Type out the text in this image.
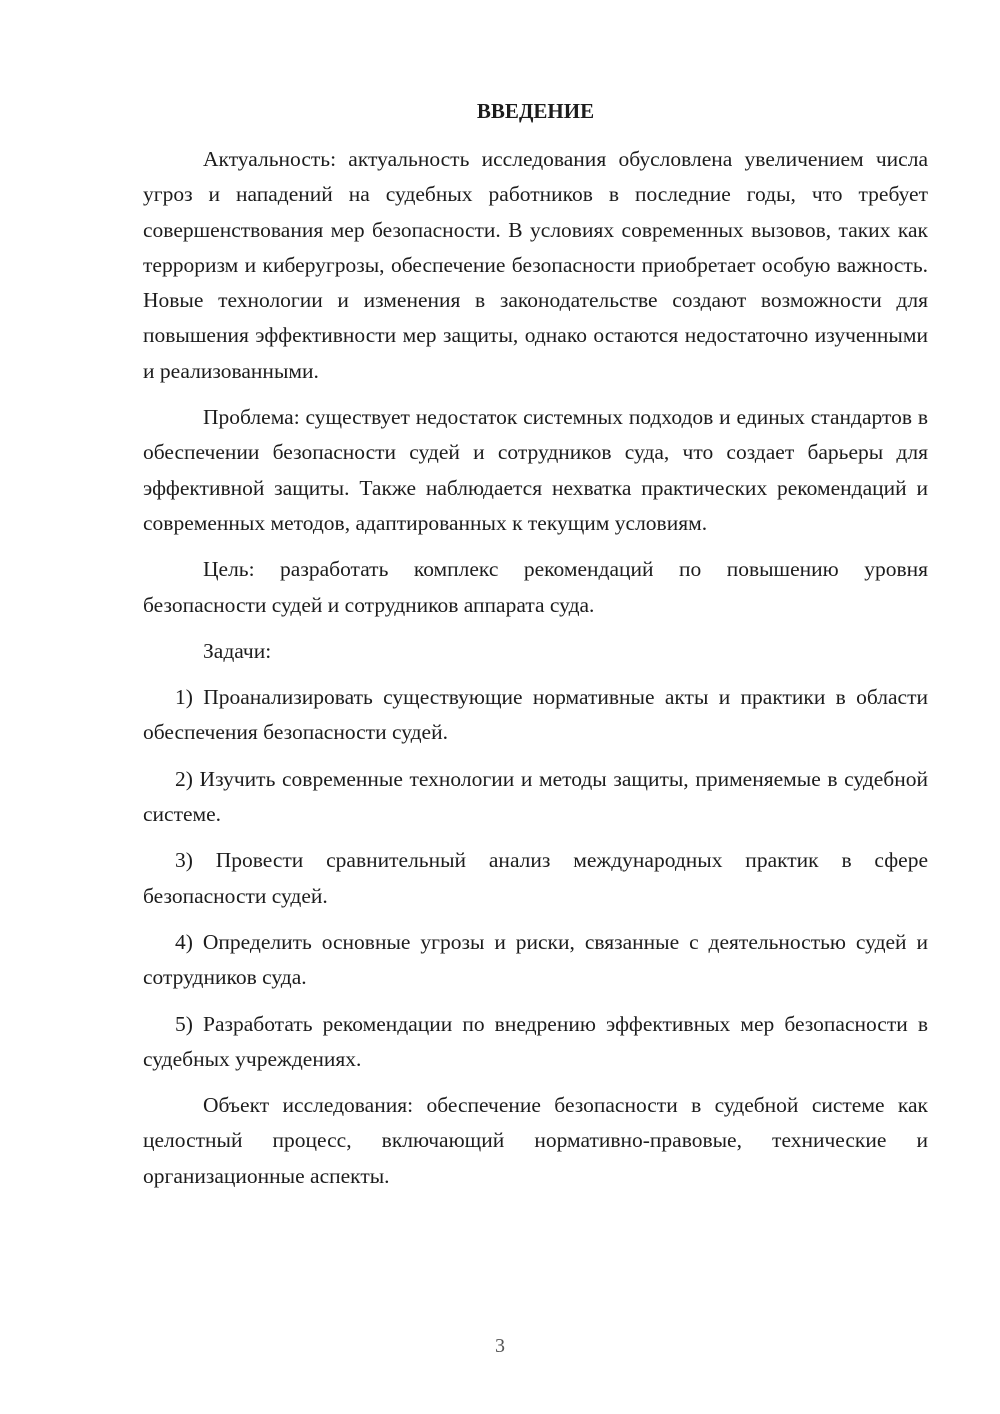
ВВЕДЕНИЕ

Актуальность: актуальность исследования обусловлена увеличением числа угроз и нападений на судебных работников в последние годы, что требует совершенствования мер безопасности. В условиях современных вызовов, таких как терроризм и киберугрозы, обеспечение безопасности приобретает особую важность. Новые технологии и изменения в законодательстве создают возможности для повышения эффективности мер защиты, однако остаются недостаточно изученными и реализованными.

Проблема: существует недостаток системных подходов и единых стандартов в обеспечении безопасности судей и сотрудников суда, что создает барьеры для эффективной защиты. Также наблюдается нехватка практических рекомендаций и современных методов, адаптированных к текущим условиям.

Цель: разработать комплекс рекомендаций по повышению уровня безопасности судей и сотрудников аппарата суда.

Задачи:

1) Проанализировать существующие нормативные акты и практики в области обеспечения безопасности судей.

2) Изучить современные технологии и методы защиты, применяемые в судебной системе.

3) Провести сравнительный анализ международных практик в сфере безопасности судей.

4) Определить основные угрозы и риски, связанные с деятельностью судей и сотрудников суда.

5) Разработать рекомендации по внедрению эффективных мер безопасности в судебных учреждениях.

Объект исследования: обеспечение безопасности в судебной системе как целостный процесс, включающий нормативно-правовые, технические и организационные аспекты.

3
